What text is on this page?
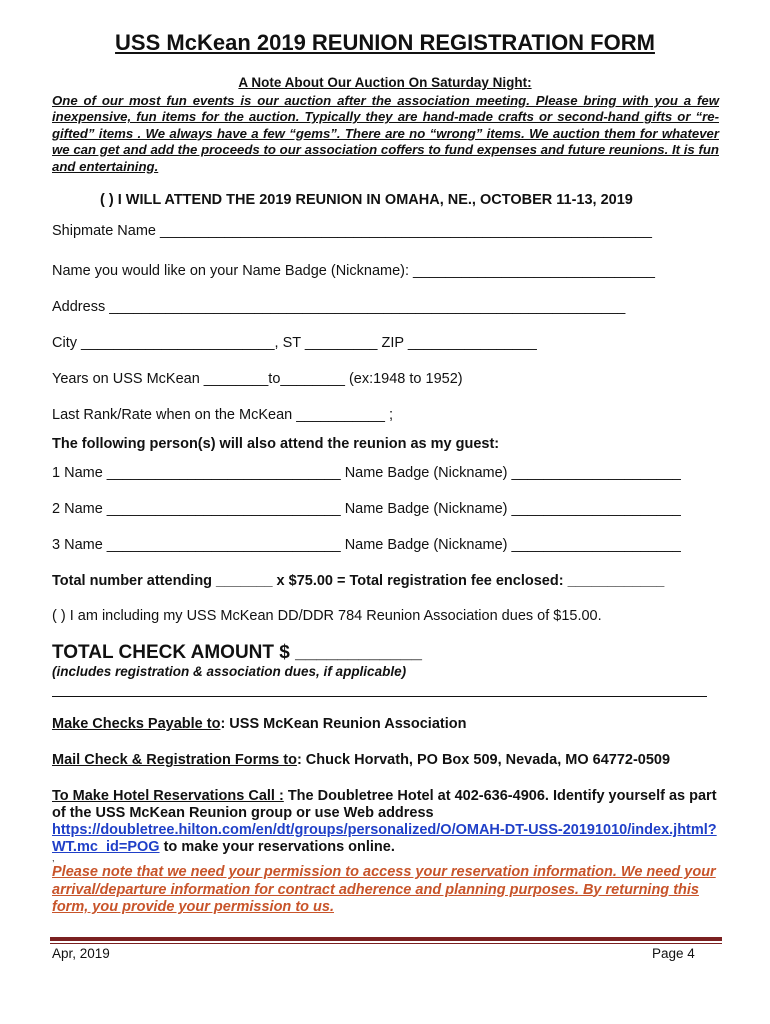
USS McKean 2019 REUNION REGISTRATION FORM
A Note About Our Auction On Saturday Night:
One of our most fun events is our auction after the association meeting. Please bring with you a few inexpensive, fun items for the auction. Typically they are hand-made crafts or second-hand gifts or “re-gifted” items . We always have a few “gems”. There are no “wrong” items. We auction them for whatever we can get and add the proceeds to our association coffers to fund expenses and future reunions. It is fun and entertaining.
( ) I WILL ATTEND THE 2019 REUNION IN OMAHA, NE., OCTOBER 11-13, 2019
Shipmate Name _____________________________________________________________
Name you would like on your Name Badge (Nickname): ______________________________
Address ________________________________________________________________
City ________________________, ST _________ ZIP ________________
Years on USS McKean ________to________ (ex:1948 to 1952)
Last Rank/Rate when on the McKean ___________ ;
The following person(s) will also attend the reunion as my guest:
1 Name _____________________________ Name Badge (Nickname) _____________________
2 Name _____________________________ Name Badge (Nickname) _____________________
3 Name _____________________________ Name Badge (Nickname) _____________________
Total number attending _______ x $75.00 = Total registration fee enclosed: ____________
( ) I am including my USS McKean DD/DDR 784 Reunion Association dues of $15.00.
TOTAL CHECK AMOUNT $ ____________
(includes registration & association dues, if applicable)
Make Checks Payable to: USS McKean Reunion Association
Mail Check & Registration Forms to: Chuck Horvath, PO Box 509, Nevada, MO 64772-0509
To Make Hotel Reservations Call : The Doubletree Hotel at 402-636-4906. Identify yourself as part of the USS McKean Reunion group or use Web address https://doubletree.hilton.com/en/dt/groups/personalized/O/OMAH-DT-USS-20191010/index.jhtml?WT.mc_id=POG to make your reservations online.
,
Please note that we need your permission to access your reservation information. We need your arrival/departure information for contract adherence and planning purposes. By returning this form, you provide your permission to us.
Apr, 2019	Page 4
